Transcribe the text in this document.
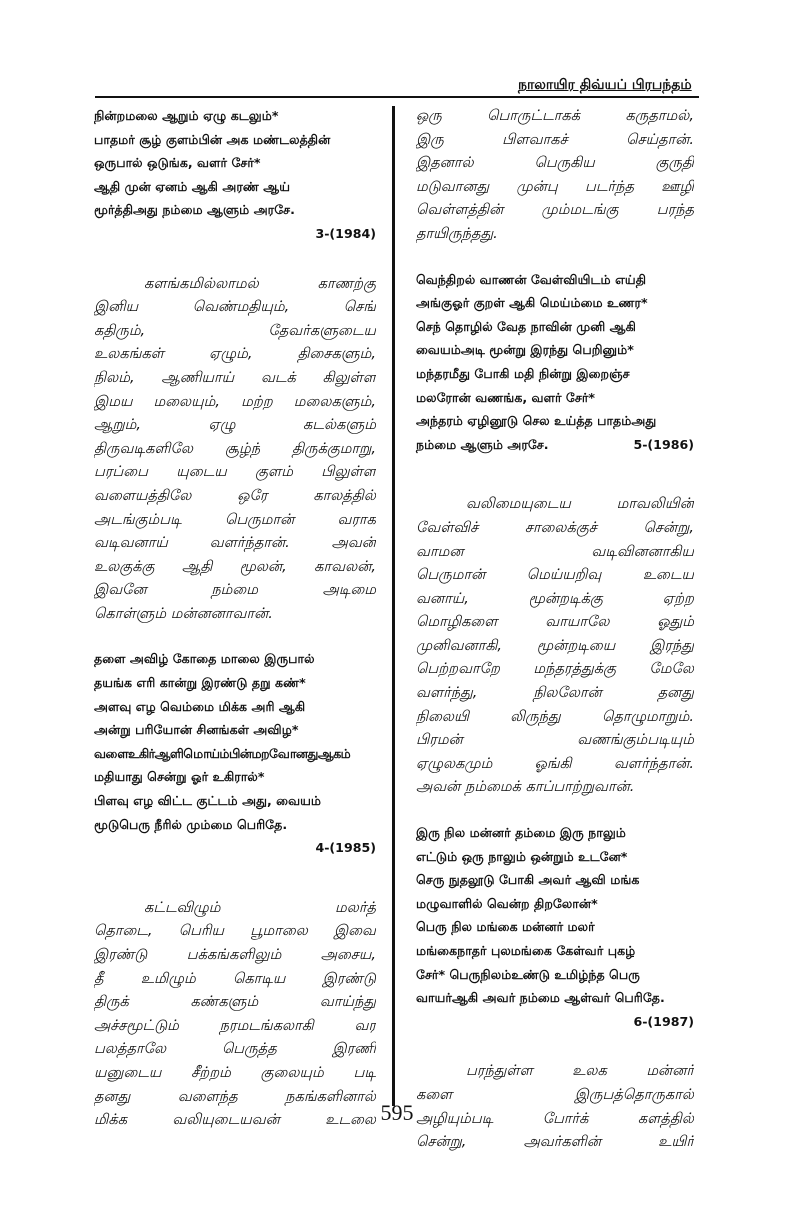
நாலாயிர திவ்யப் பிரபந்தம்
நின்றமலை ஆறும் ஏழு கடலும்*
பாதமர் சூழ் குளம்பின் அக மண்டலத்தின்
ஒருபால் ஒடுங்க, வளர் சேர்*
ஆதி முன் ஏனம் ஆகி அரண் ஆய்
மூர்த்திஅது நம்மை ஆளும் அரசே.
3-(1984)
களங்கமில்லாமல் காணற்கு
இனிய வெண்மதியும், செங்
கதிரும், தேவர்களுடைய
உலகங்கள் ஏழும், திசைகளும்,
நிலம், ஆணியாய் வடக் கிலுள்ள
இமய மலையும், மற்ற மலைகளும்,
ஆறும், ஏழு கடல்களும்
திருவடிகளிலே சூழ்ந் திருக்குமாறு,
பரப்பை யுடைய குளம் பிலுள்ள
வளையத்திலே ஒரே காலத்தில்
அடங்கும்படி பெருமான் வராக
வடிவனாய் வளர்ந்தான். அவன்
உலகுக்கு ஆதி மூலன், காவலன்,
இவனே நம்மை அடிமை
கொள்ளும் மன்னனாவான்.
தளை அவிழ் கோதை மாலை இருபால்
தயங்க எரி கான்று இரண்டு தறு கண்*
அளவு எழ வெம்மை மிக்க அரி ஆகி
அன்று பரியோன் சினங்கள் அவிழ*
வளைஉகிர்ஆளிமொய்ம்பின்மறவோனதுஆகம்
மதியாது சென்று ஓர் உகிரால்*
பிளவு எழ விட்ட குட்டம் அது, வையம்
மூடுபெரு நீரில் மும்மை பெரிதே.
4-(1985)
கட்டவிழும் மலர்த்
தொடை, பெரிய பூமாலை இவை
இரண்டு பக்கங்களிலும் அசைய,
தீ உமிழும் கொடிய இரண்டு
திருக் கண்களும் வாய்ந்து
அச்சமூட்டும் நரமடங்கலாகி வர
பலத்தாலே பெருத்த இரணி
யனுடைய சீற்றம் குலையும் படி
தனது வளைந்த நகங்களினால்
மிக்க வலியுடையவன் உடலை
ஒரு பொருட்டாகக் கருதாமல்,
இரு பிளவாகச் செய்தான்.
இதனால் பெருகிய குருதி
மடுவானது முன்பு படர்ந்த ஊழி
வெள்ளத்தின் மும்மடங்கு பரந்த
தாயிருந்தது.
வெந்திறல் வாணன் வேள்வியிடம் எய்தி
அங்குஓர் குறள் ஆகி மெய்ம்மை உணர*
செந் தொழில் வேத நாவின் முனி ஆகி
வையம்அடி மூன்று இரந்து பெறினும்*
மந்தரமீது போகி மதி நின்று இறைஞ்ச
மலரோன் வணங்க, வளர் சேர்*
அந்தரம் ஏழினூடு செல உய்த்த பாதம்அது
நம்மை ஆளும் அரசே.	5-(1986)
வலிமையுடைய மாவலியின்
வேள்விச் சாலைக்குச் சென்று,
வாமன வடிவினனாகிய
பெருமான் மெய்யறிவு உடைய
வனாய், மூன்றடிக்கு ஏற்ற
மொழிகளை வாயாலே ஓதும்
முனிவனாகி, மூன்றடியை இரந்து
பெற்றவாறே மந்தரத்துக்கு மேலே
வளர்ந்து, நிலலோன் தனது
நிலையி லிருந்து தொழுமாறும்.
பிரமன் வணங்கும்படியும்
ஏழுலகமும் ஓங்கி வளர்ந்தான்.
அவன் நம்மைக் காப்பாற்றுவான்.
இரு நில மன்னர் தம்மை இரு நாலும்
எட்டும் ஒரு நாலும் ஒன்றும் உடனே*
செரு நுதலூடு போகி அவர் ஆவி மங்க
மழுவாளில் வென்ற திறலோன்*
பெரு நில மங்கை மன்னர் மலர்
மங்கைநாதர் புலமங்கை கேள்வர் புகழ்
சேர்* பெருநிலம்உண்டு உமிழ்ந்த பெரு
வாயர்ஆகி அவர் நம்மை ஆள்வர் பெரிதே.
6-(1987)
பரந்துள்ள உலக மன்னர்
களை இருபத்தொருகால்
அழியும்படி போர்க் களத்தில்
சென்று, அவர்களின் உயிர்
595
